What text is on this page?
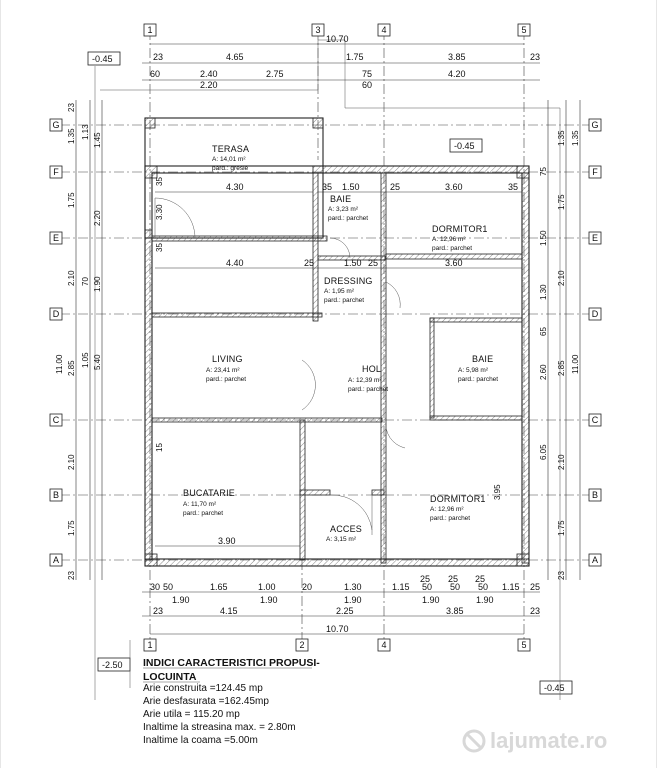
1	3	4	5
1	2	4	5
G
F
E
D
C
B
A
G
F
E
D
C
B
A
-0.45
-0.45
-2.50
-0.45
10.70
23	4.65	1.75	3.85	23
60	2.40	2.75	75	4.20
2.20	60
1.35 1.13
1.45
23
1.75
2.20
2.10 70 1.90
5.40
1.05
2.85
11.00
2.10
1.75
23
1.35 1.35
75
1.75
1.50
2.10
1.30
65
2.60 2.85 11.00
6.05
2.10
3.95
1.75
23
4.30	35 1.50	25	3.60	35
4.40	25	1.50 25	3.60
3.90
35
3.30
35
15
TERASA
A: 14,01 m²
pard.: gresie
BAIE
A: 3,23 m²
pard.: parchet
DORMITOR1
A: 12,96 m²
pard.: parchet
DRESSING
A: 1,95 m²
pard.: parchet
LIVING
A: 23,41 m²
pard.: parchet
HOL
A: 12,39 m²
pard.: parchet
BAIE
A: 5,98 m²
pard.: parchet
BUCATARIE
A: 11,70 m²
pard.: parchet
DORMITOR1
A: 12,96 m²
pard.: parchet
ACCES
A: 3,15 m²
25 25 25
30 50	1.65	1.00	20	1.30	1.15 50 50 50 1.15 25
1.90	1.90	1.90	1.90	1.90
23	4.15	2.25	3.85	23
10.70
INDICI CARACTERISTICI PROPUSI-
LOCUINTA
Arie construita =124.45 mp
Arie desfasurata =162.45mp
Arie utila = 115.20 mp
Inaltime la streasina max. = 2.80m
Inaltime la coama =5.00m	lajumate.ro
